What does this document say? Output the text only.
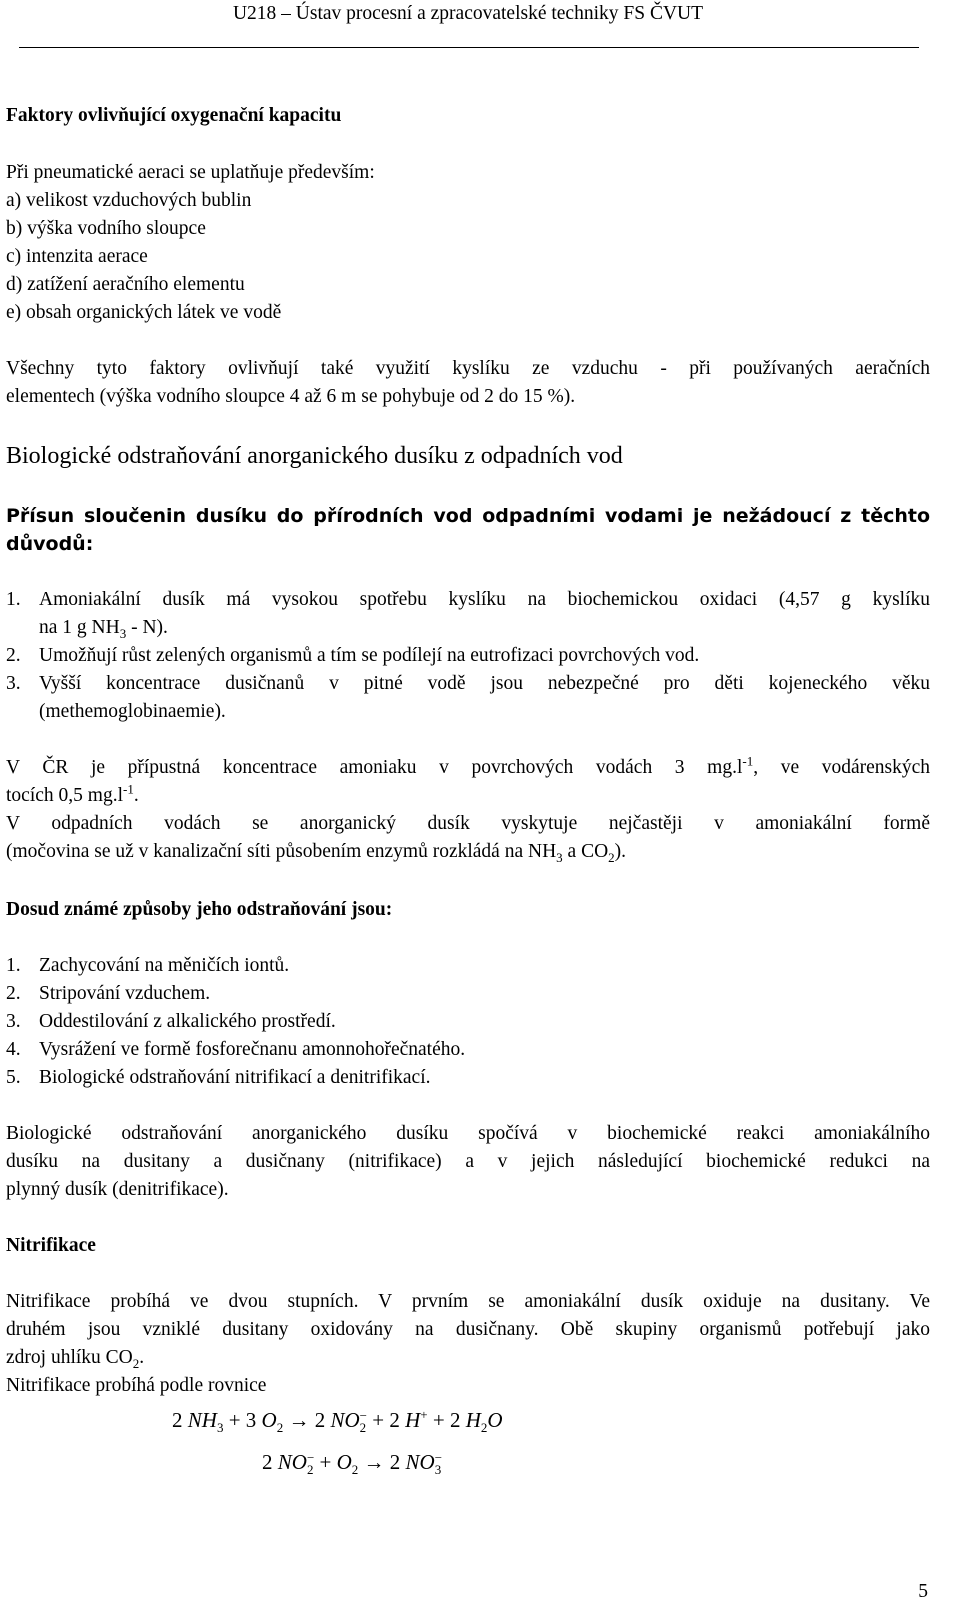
U218 – Ústav procesní a zpracovatelské techniky FS ČVUT
Faktory ovlivňující oxygenační kapacitu
Při pneumatické aeraci se uplatňuje především:
a) velikost vzduchových bublin
b) výška vodního sloupce
c) intenzita aerace
d) zatížení aeračního elementu
e) obsah organických látek ve vodě
Všechny tyto faktory ovlivňují také využití kyslíku ze vzduchu - při používaných aeračních
elementech (výška vodního sloupce 4 až 6 m se pohybuje od 2 do 15 %).
Biologické odstraňování anorganického dusíku z odpadních vod
Přísun sloučenin dusíku do přírodních vod odpadními vodami je nežádoucí z těchto důvodů:
1. Amoniakální dusík má vysokou spotřebu kyslíku na biochemickou oxidaci (4,57 g kyslíku
na 1 g $NH_3 - N$).
2. Umožňují růst zelených organismů a tím se podílejí na eutrofizaci povrchových vod.
3. Vyšší koncentrace dusičnanů v pitné vodě jsou nebezpečné pro děti kojeneckého věku
(methemoglobinaemie).
V ČR je přípustná koncentrace amoniaku v povrchových vodách 3 $mg.l^{-1}$, ve vodárenských
tocích 0,5 $mg.l^{-1}$.
V odpadních vodách se anorganický dusík vyskytuje nejčastěji v amoniakální formě
(močovina se už v kanalizační síti působením enzymů rozkládá na $NH_3$ a $CO_2$).
Dosud známé způsoby jeho odstraňování jsou:
1. Zachycování na měničích iontů.
2. Stripování vzduchem.
3. Oddestilování z alkalického prostředí.
4. Vysrážení ve formě fosforečnanu amonnohořečnatého.
5. Biologické odstraňování nitrifikací a denitrifikací.
Biologické odstraňování anorganického dusíku spočívá v biochemické reakci amoniakálního
dusíku na dusitany a dusičnany (nitrifikace) a v jejich následující biochemické redukci na
plynný dusík (denitrifikace).
Nitrifikace
Nitrifikace probíhá ve dvou stupních. V prvním se amoniakální dusík oxiduje na dusitany. Ve
druhém jsou vzniklé dusitany oxidovány na dusičnany. Obě skupiny organismů potřebují jako
zdroj uhlíku $CO_2$.
Nitrifikace probíhá podle rovnice
2 $NH_3 + 3$ $O_2 \to 2$ NO −
2 + 2 H+ + 2 $H_2O$
2 NO −
$2 + O_2 \to 2$ NO −
3
5
